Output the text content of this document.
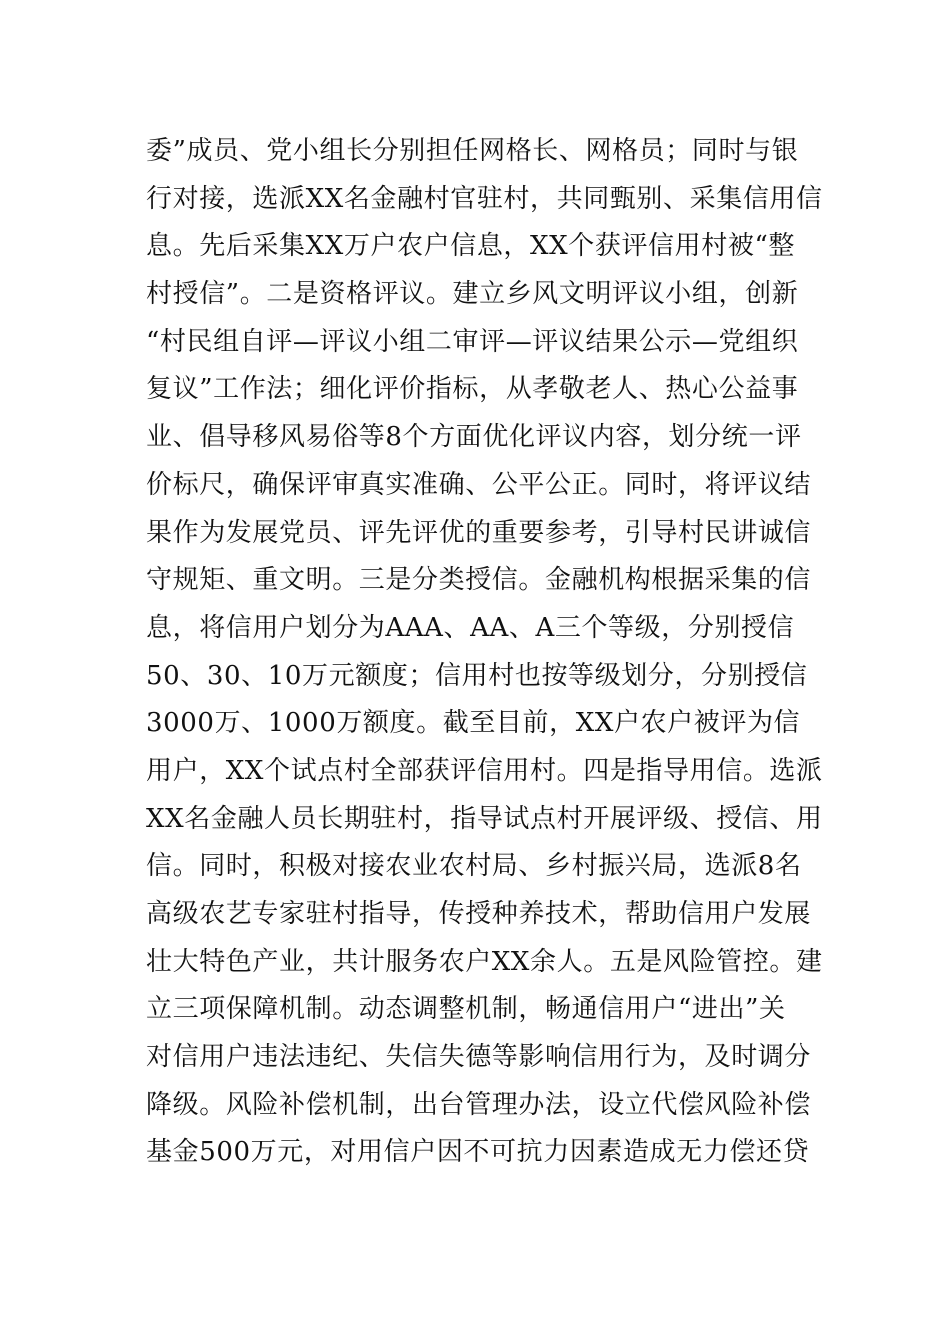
委”成员、党小组长分别担任网格长、网格员；同时与银
行对接，选派XX名金融村官驻村，共同甄别、采集信用信
息。先后采集XX万户农户信息，XX个获评信用村被“整
村授信”。二是资格评议。建立乡风文明评议小组，创新
“村民组自评—评议小组二审评—评议结果公示—党组织
复议”工作法；细化评价指标，从孝敬老人、热心公益事
业、倡导移风易俗等8个方面优化评议内容，划分统一评
价标尺，确保评审真实准确、公平公正。同时，将评议结
果作为发展党员、评先评优的重要参考，引导村民讲诚信
守规矩、重文明。三是分类授信。金融机构根据采集的信
息，将信用户划分为AAA、AA、A三个等级，分别授信
50、30、10万元额度；信用村也按等级划分，分别授信
3000万、1000万额度。截至目前，XX户农户被评为信
用户，XX个试点村全部获评信用村。四是指导用信。选派
XX名金融人员长期驻村，指导试点村开展评级、授信、用
信。同时，积极对接农业农村局、乡村振兴局，选派8名
高级农艺专家驻村指导，传授种养技术，帮助信用户发展
壮大特色产业，共计服务农户XX余人。五是风险管控。建
立三项保障机制。动态调整机制，畅通信用户“进出”关
对信用户违法违纪、失信失德等影响信用行为，及时调分
降级。风险补偿机制，出台管理办法，设立代偿风险补偿
基金500万元，对用信户因不可抗力因素造成无力偿还贷
